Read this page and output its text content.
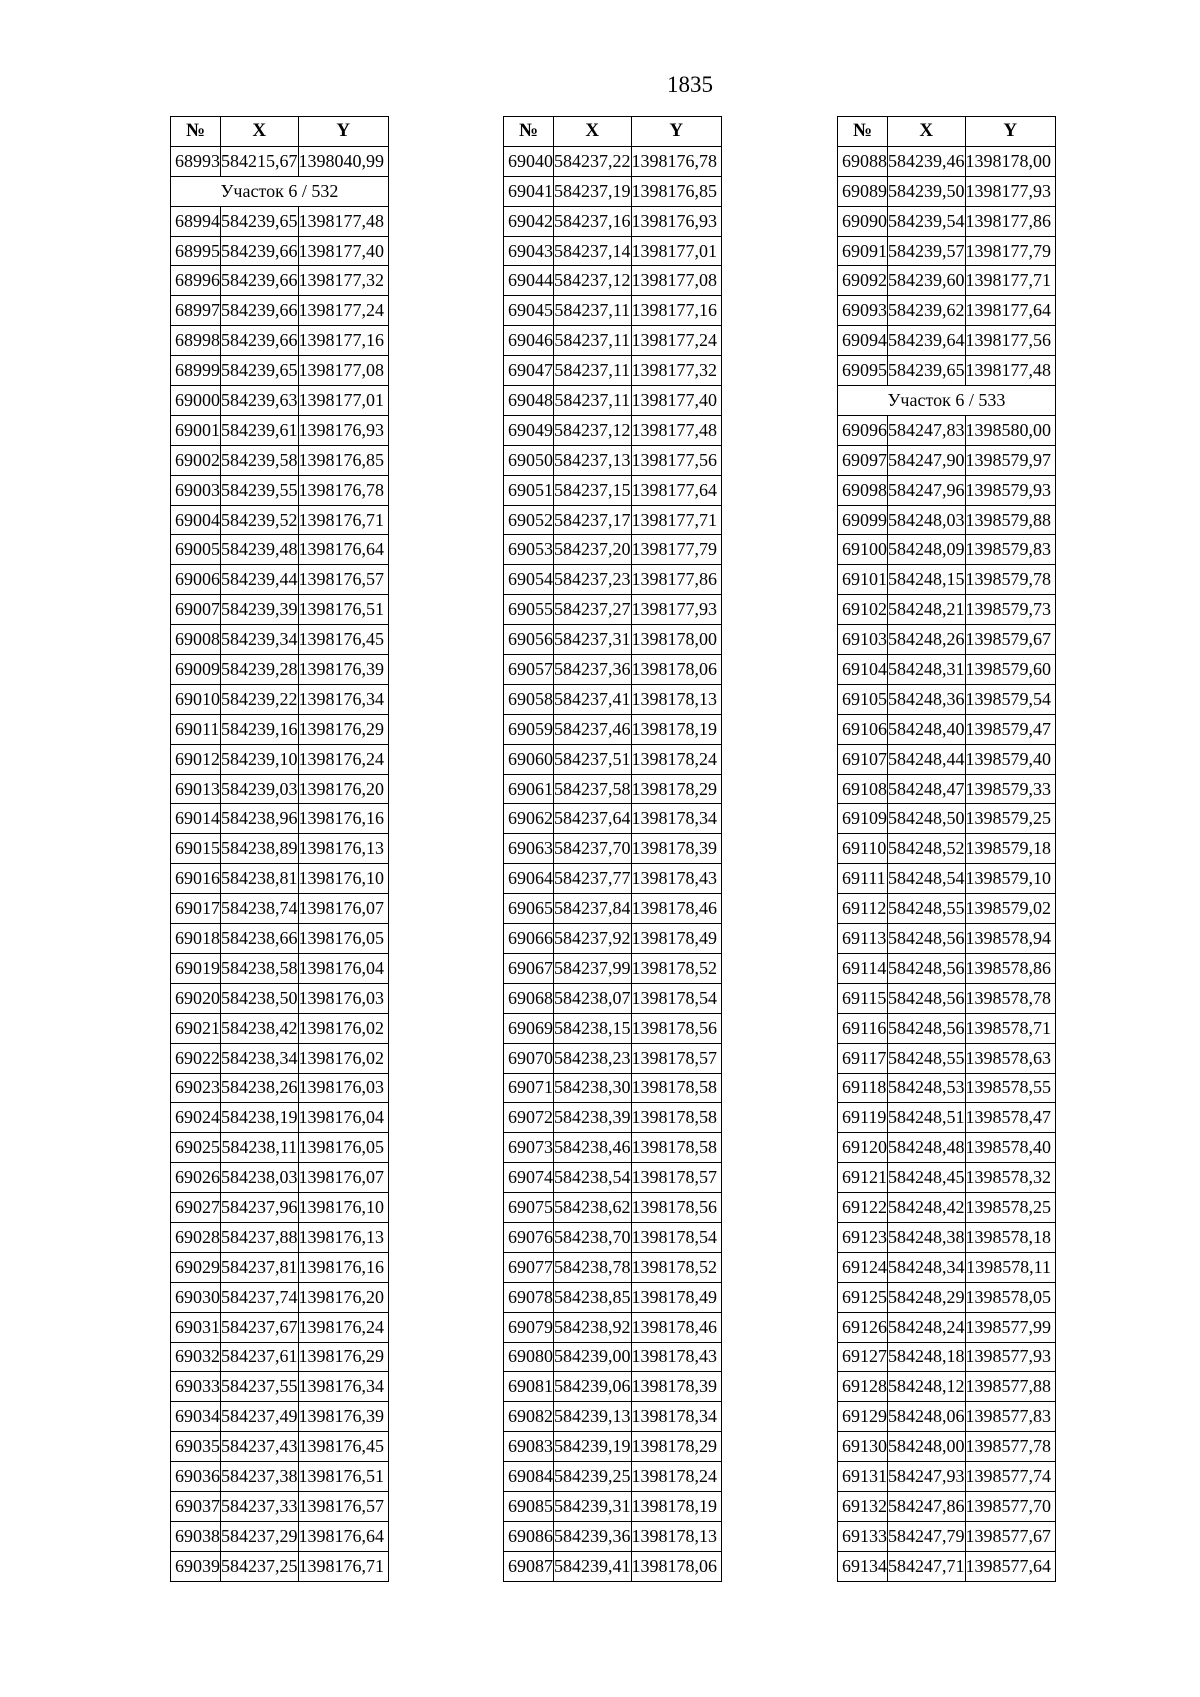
1835
№	X	Y
68993	584215,67	1398040,99
Участок 6 / 532		
68994	584239,65	1398177,48
68995	584239,66	1398177,40
68996	584239,66	1398177,32
68997	584239,66	1398177,24
68998	584239,66	1398177,16
68999	584239,65	1398177,08
69000	584239,63	1398177,01
69001	584239,61	1398176,93
69002	584239,58	1398176,85
69003	584239,55	1398176,78
69004	584239,52	1398176,71
69005	584239,48	1398176,64
69006	584239,44	1398176,57
69007	584239,39	1398176,51
69008	584239,34	1398176,45
69009	584239,28	1398176,39
69010	584239,22	1398176,34
69011	584239,16	1398176,29
69012	584239,10	1398176,24
69013	584239,03	1398176,20
69014	584238,96	1398176,16
69015	584238,89	1398176,13
69016	584238,81	1398176,10
69017	584238,74	1398176,07
69018	584238,66	1398176,05
69019	584238,58	1398176,04
69020	584238,50	1398176,03
69021	584238,42	1398176,02
69022	584238,34	1398176,02
69023	584238,26	1398176,03
69024	584238,19	1398176,04
69025	584238,11	1398176,05
69026	584238,03	1398176,07
69027	584237,96	1398176,10
69028	584237,88	1398176,13
69029	584237,81	1398176,16
69030	584237,74	1398176,20
69031	584237,67	1398176,24
69032	584237,61	1398176,29
69033	584237,55	1398176,34
69034	584237,49	1398176,39
69035	584237,43	1398176,45
69036	584237,38	1398176,51
69037	584237,33	1398176,57
69038	584237,29	1398176,64
69039	584237,25	1398176,71
№	X	Y
69040	584237,22	1398176,78
69041	584237,19	1398176,85
69042	584237,16	1398176,93
69043	584237,14	1398177,01
69044	584237,12	1398177,08
69045	584237,11	1398177,16
69046	584237,11	1398177,24
69047	584237,11	1398177,32
69048	584237,11	1398177,40
69049	584237,12	1398177,48
69050	584237,13	1398177,56
69051	584237,15	1398177,64
69052	584237,17	1398177,71
69053	584237,20	1398177,79
69054	584237,23	1398177,86
69055	584237,27	1398177,93
69056	584237,31	1398178,00
69057	584237,36	1398178,06
69058	584237,41	1398178,13
69059	584237,46	1398178,19
69060	584237,51	1398178,24
69061	584237,58	1398178,29
69062	584237,64	1398178,34
69063	584237,70	1398178,39
69064	584237,77	1398178,43
69065	584237,84	1398178,46
69066	584237,92	1398178,49
69067	584237,99	1398178,52
69068	584238,07	1398178,54
69069	584238,15	1398178,56
69070	584238,23	1398178,57
69071	584238,30	1398178,58
69072	584238,39	1398178,58
69073	584238,46	1398178,58
69074	584238,54	1398178,57
69075	584238,62	1398178,56
69076	584238,70	1398178,54
69077	584238,78	1398178,52
69078	584238,85	1398178,49
69079	584238,92	1398178,46
69080	584239,00	1398178,43
69081	584239,06	1398178,39
69082	584239,13	1398178,34
69083	584239,19	1398178,29
69084	584239,25	1398178,24
69085	584239,31	1398178,19
69086	584239,36	1398178,13
69087	584239,41	1398178,06
№	X	Y
69088	584239,46	1398178,00
69089	584239,50	1398177,93
69090	584239,54	1398177,86
69091	584239,57	1398177,79
69092	584239,60	1398177,71
69093	584239,62	1398177,64
69094	584239,64	1398177,56
69095	584239,65	1398177,48
Участок 6 / 533		
69096	584247,83	1398580,00
69097	584247,90	1398579,97
69098	584247,96	1398579,93
69099	584248,03	1398579,88
69100	584248,09	1398579,83
69101	584248,15	1398579,78
69102	584248,21	1398579,73
69103	584248,26	1398579,67
69104	584248,31	1398579,60
69105	584248,36	1398579,54
69106	584248,40	1398579,47
69107	584248,44	1398579,40
69108	584248,47	1398579,33
69109	584248,50	1398579,25
69110	584248,52	1398579,18
69111	584248,54	1398579,10
69112	584248,55	1398579,02
69113	584248,56	1398578,94
69114	584248,56	1398578,86
69115	584248,56	1398578,78
69116	584248,56	1398578,71
69117	584248,55	1398578,63
69118	584248,53	1398578,55
69119	584248,51	1398578,47
69120	584248,48	1398578,40
69121	584248,45	1398578,32
69122	584248,42	1398578,25
69123	584248,38	1398578,18
69124	584248,34	1398578,11
69125	584248,29	1398578,05
69126	584248,24	1398577,99
69127	584248,18	1398577,93
69128	584248,12	1398577,88
69129	584248,06	1398577,83
69130	584248,00	1398577,78
69131	584247,93	1398577,74
69132	584247,86	1398577,70
69133	584247,79	1398577,67
69134	584247,71	1398577,64
